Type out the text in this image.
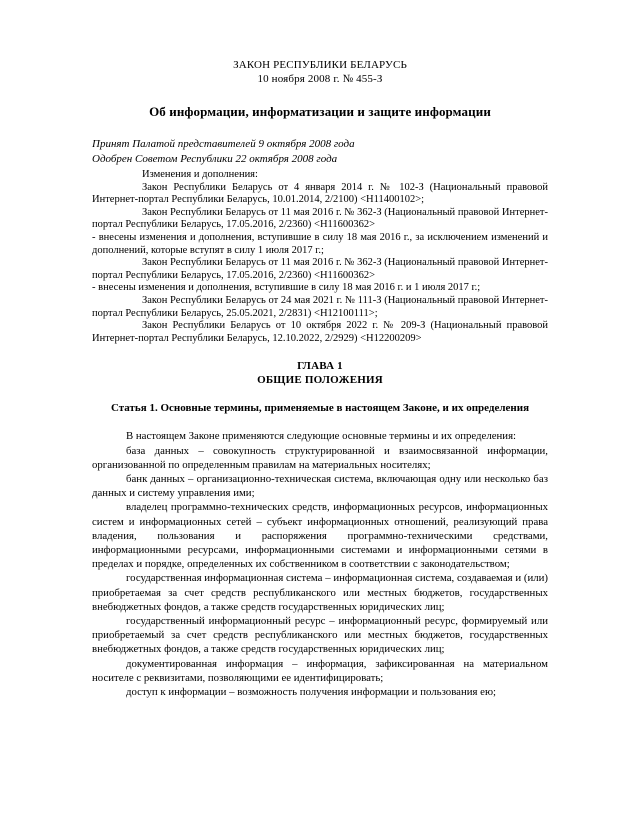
ЗАКОН РЕСПУБЛИКИ БЕЛАРУСЬ
10 ноября 2008 г. № 455-З
Об информации, информатизации и защите информации
Принят Палатой представителей 9 октября 2008 года
Одобрен Советом Республики 22 октября 2008 года
Изменения и дополнения:
Закон Республики Беларусь от 4 января 2014 г. № 102-З (Национальный правовой Интернет-портал Республики Беларусь, 10.01.2014, 2/2100) <H11400102>;
Закон Республики Беларусь от 11 мая 2016 г. № 362-З (Национальный правовой Интернет-портал Республики Беларусь, 17.05.2016, 2/2360) <H11600362>
- внесены изменения и дополнения, вступившие в силу 18 мая 2016 г., за исключением изменений и дополнений, которые вступят в силу 1 июля 2017 г.;
Закон Республики Беларусь от 11 мая 2016 г. № 362-З (Национальный правовой Интернет-портал Республики Беларусь, 17.05.2016, 2/2360) <H11600362>
- внесены изменения и дополнения, вступившие в силу 18 мая 2016 г. и 1 июля 2017 г.;
Закон Республики Беларусь от 24 мая 2021 г. № 111-З (Национальный правовой Интернет-портал Республики Беларусь, 25.05.2021, 2/2831) <H12100111>;
Закон Республики Беларусь от 10 октября 2022 г. № 209-З (Национальный правовой Интернет-портал Республики Беларусь, 12.10.2022, 2/2929) <H12200209>
ГЛАВА 1
ОБЩИЕ ПОЛОЖЕНИЯ
Статья 1. Основные термины, применяемые в настоящем Законе, и их определения

В настоящем Законе применяются следующие основные термины и их определения:

база данных – совокупность структурированной и взаимосвязанной информации, организованной по определенным правилам на материальных носителях;

банк данных – организационно-техническая система, включающая одну или несколько баз данных и систему управления ими;

владелец программно-технических средств, информационных ресурсов, информационных систем и информационных сетей – субъект информационных отношений, реализующий права владения, пользования и распоряжения программно-техническими средствами, информационными ресурсами, информационными системами и информационными сетями в пределах и порядке, определенных их собственником в соответствии с законодательством;

государственная информационная система – информационная система, создаваемая и (или) приобретаемая за счет средств республиканского или местных бюджетов, государственных внебюджетных фондов, а также средств государственных юридических лиц;

государственный информационный ресурс – информационный ресурс, формируемый или приобретаемый за счет средств республиканского или местных бюджетов, государственных внебюджетных фондов, а также средств государственных юридических лиц;

документированная информация – информация, зафиксированная на материальном носителе с реквизитами, позволяющими ее идентифицировать;

доступ к информации – возможность получения информации и пользования ею;
